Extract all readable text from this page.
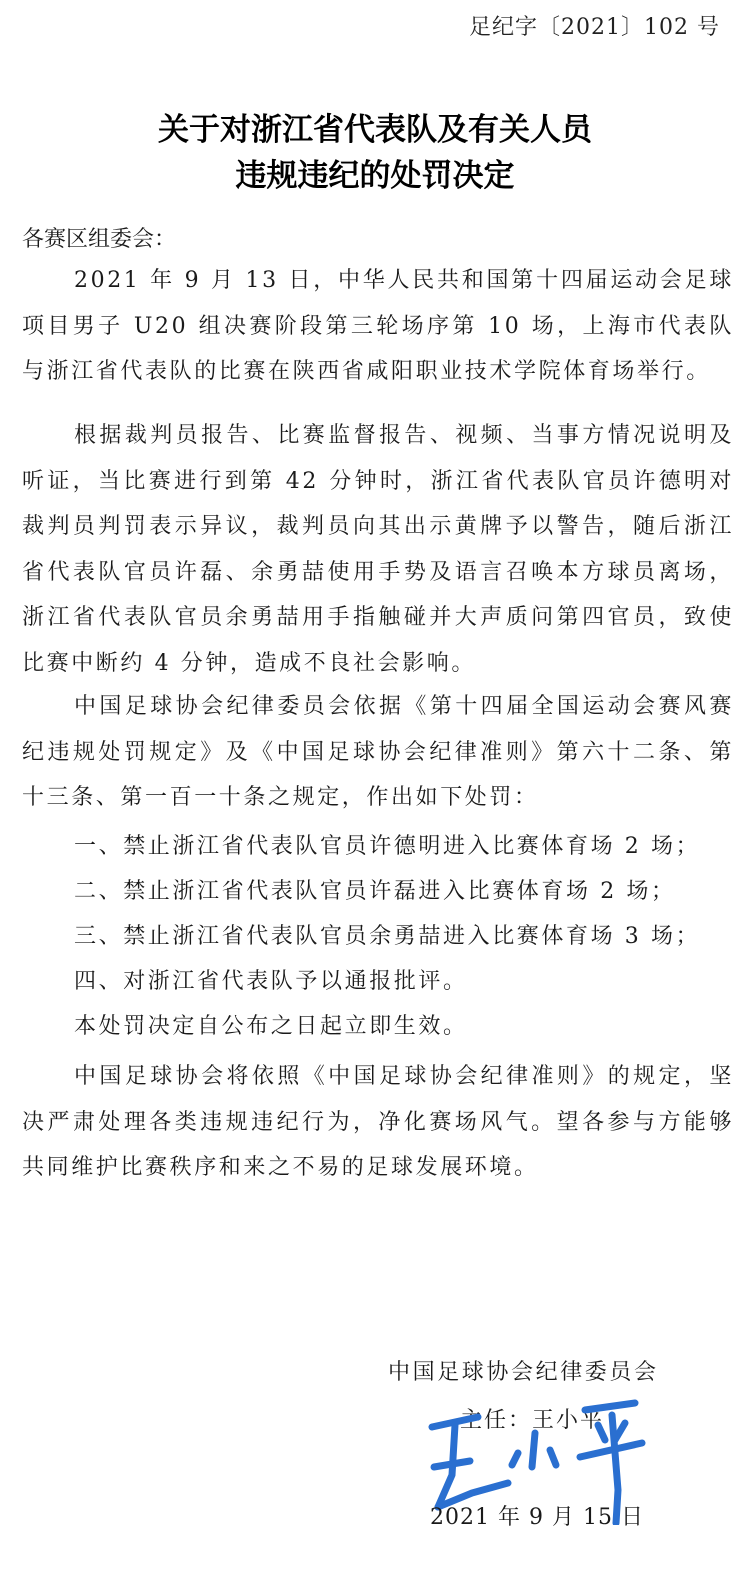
足纪字〔2021〕102 号
关于对浙江省代表队及有关人员
违规违纪的处罚决定
各赛区组委会：

2021 年 9 月 13 日，中华人民共和国第十四届运动会足球项目男子 U20 组决赛阶段第三轮场序第 10 场，上海市代表队与浙江省代表队的比赛在陕西省咸阳职业技术学院体育场举行。

根据裁判员报告、比赛监督报告、视频、当事方情况说明及听证，当比赛进行到第 42 分钟时，浙江省代表队官员许德明对裁判员判罚表示异议，裁判员向其出示黄牌予以警告，随后浙江省代表队官员许磊、余勇喆使用手势及语言召唤本方球员离场，浙江省代表队官员余勇喆用手指触碰并大声质问第四官员，致使比赛中断约 4 分钟，造成不良社会影响。

中国足球协会纪律委员会依据《第十四届全国运动会赛风赛纪违规处罚规定》及《中国足球协会纪律准则》第六十二条、第十三条、第一百一十条之规定，作出如下处罚：

一、禁止浙江省代表队官员许德明进入比赛体育场 2 场；
二、禁止浙江省代表队官员许磊进入比赛体育场 2 场；
三、禁止浙江省代表队官员余勇喆进入比赛体育场 3 场；
四、对浙江省代表队予以通报批评。
本处罚决定自公布之日起立即生效。

中国足球协会将依照《中国足球协会纪律准则》的规定，坚决严肃处理各类违规违纪行为，净化赛场风气。望各参与方能够共同维护比赛秩序和来之不易的足球发展环境。

中国足球协会纪律委员会
主任：王小平
2021 年 9 月 15 日
